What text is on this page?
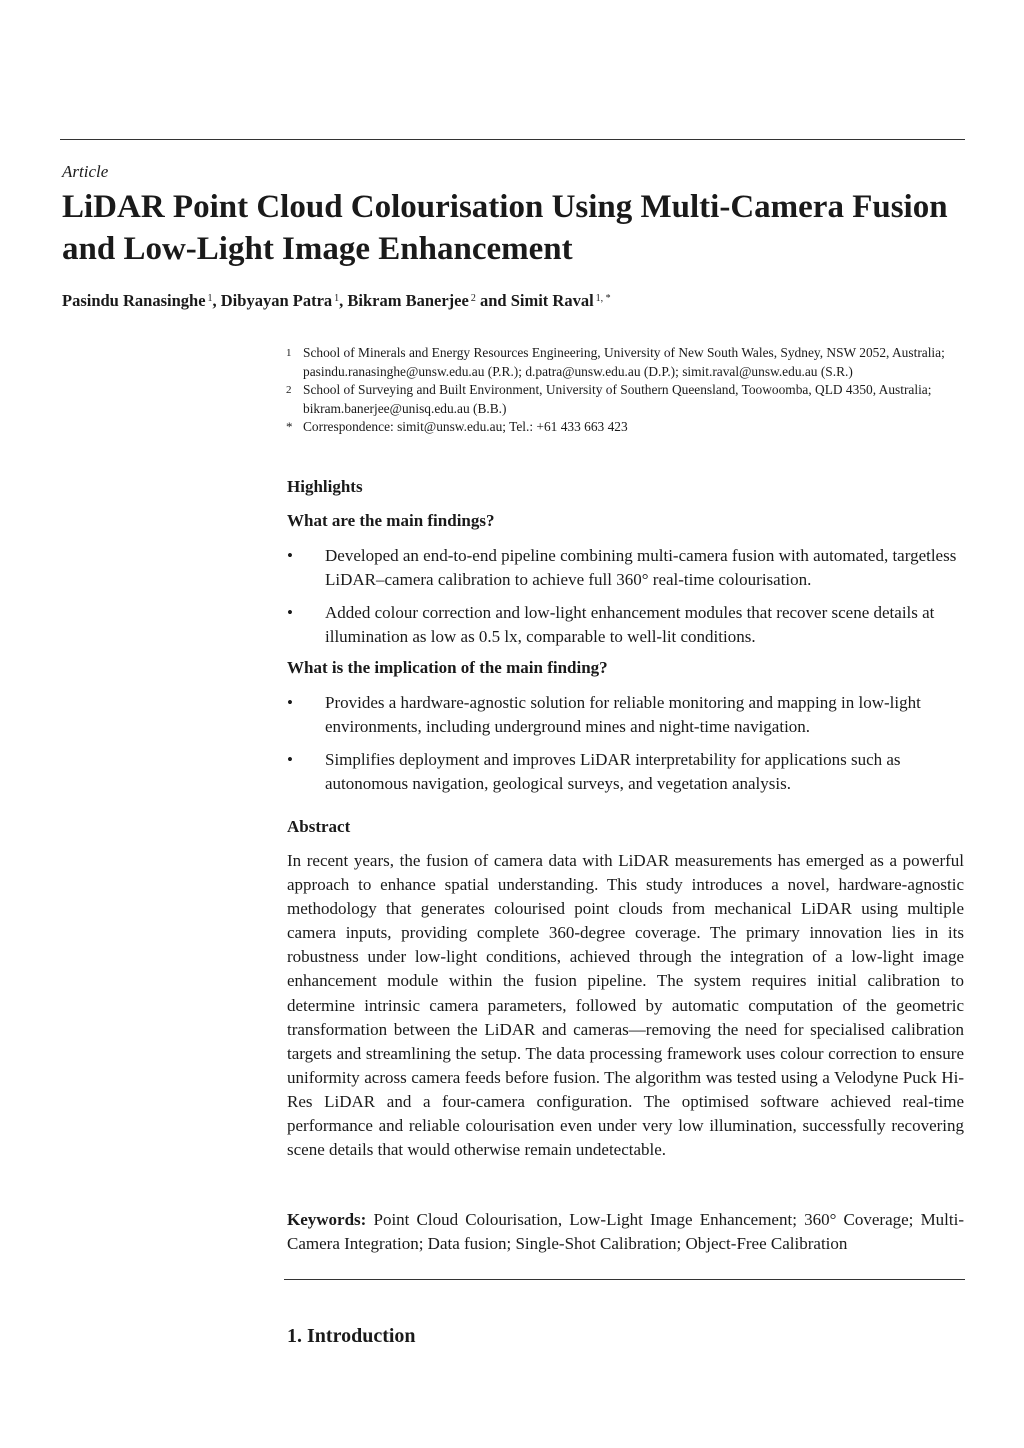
Article
LiDAR Point Cloud Colourisation Using Multi-Camera Fusion and Low-Light Image Enhancement
Pasindu Ranasinghe $^1$, Dibyayan Patra $^1$, Bikram Banerjee $^2$ and Simit Raval $^{1, *}$
1 School of Minerals and Energy Resources Engineering, University of New South Wales, Sydney, NSW 2052, Australia; pasindu.ranasinghe@unsw.edu.au (P.R.); d.patra@unsw.edu.au (D.P.); simit.raval@unsw.edu.au (S.R.)
2 School of Surveying and Built Environment, University of Southern Queensland, Toowoomba, QLD 4350, Australia; bikram.banerjee@unisq.edu.au (B.B.)
* Correspondence: simit@unsw.edu.au; Tel.: +61 433 663 423
Highlights
What are the main findings?
• Developed an end-to-end pipeline combining multi-camera fusion with automated, targetless LiDAR–camera calibration to achieve full 360° real-time colourisation.
• Added colour correction and low-light enhancement modules that recover scene details at illumination as low as 0.5 lx, comparable to well-lit conditions.
What is the implication of the main finding?
• Provides a hardware-agnostic solution for reliable monitoring and mapping in low-light environments, including underground mines and night-time navigation.
• Simplifies deployment and improves LiDAR interpretability for applications such as autonomous navigation, geological surveys, and vegetation analysis.
Abstract

In recent years, the fusion of camera data with LiDAR measurements has emerged as a powerful approach to enhance spatial understanding. This study introduces a novel, hardware-agnostic methodology that generates colourised point clouds from mechanical LiDAR using multiple camera inputs, providing complete 360-degree coverage. The primary innovation lies in its robustness under low-light conditions, achieved through the integration of a low-light image enhancement module within the fusion pipeline. The system requires initial calibration to determine intrinsic camera parameters, followed by automatic computation of the geometric transformation between the LiDAR and cameras—removing the need for specialised calibration targets and streamlining the setup. The data processing framework uses colour correction to ensure uniformity across camera feeds before fusion. The algorithm was tested using a Velodyne Puck Hi-Res LiDAR and a four-camera configuration. The optimised software achieved real-time performance and reliable colourisation even under very low illumination, successfully recovering scene details that would otherwise remain undetectable.

Keywords: Point Cloud Colourisation, Low-Light Image Enhancement; 360° Coverage; Multi-Camera Integration; Data fusion; Single-Shot Calibration; Object-Free Calibration

1. Introduction
